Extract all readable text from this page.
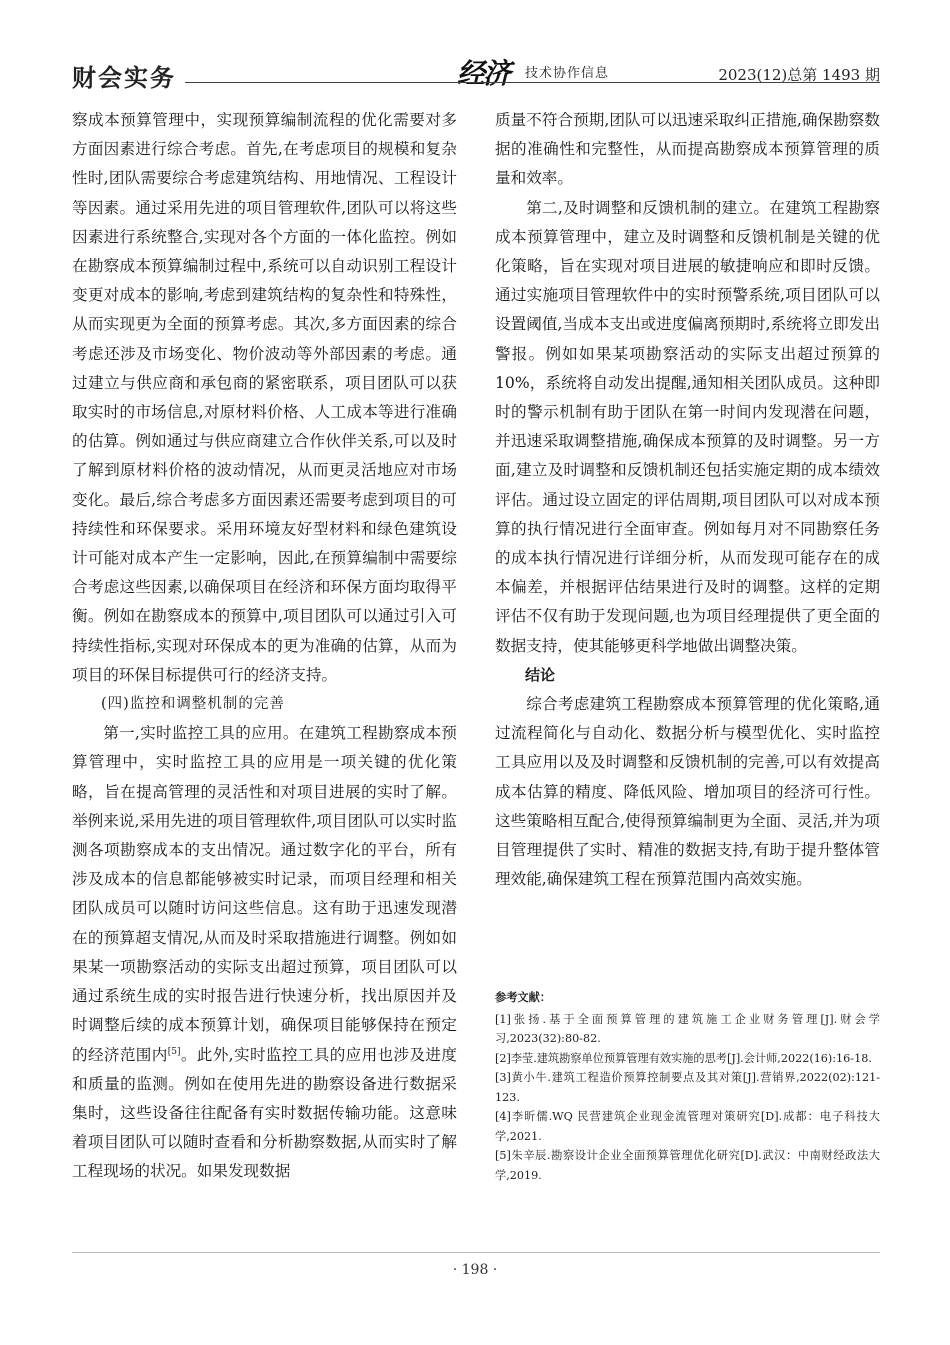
财会实务	经济 技术协作信息	2023(12)总第 1493 期

察成本预算管理中，实现预算编制流程的优化需要对多方面因素进行综合考虑。首先,在考虑项目的规模和复杂性时,团队需要综合考虑建筑结构、用地情况、工程设计等因素。通过采用先进的项目管理软件,团队可以将这些因素进行系统整合,实现对各个方面的一体化监控。例如在勘察成本预算编制过程中,系统可以自动识别工程设计变更对成本的影响,考虑到建筑结构的复杂性和特殊性，从而实现更为全面的预算考虑。其次,多方面因素的综合考虑还涉及市场变化、物价波动等外部因素的考虑。通过建立与供应商和承包商的紧密联系，项目团队可以获取实时的市场信息,对原材料价格、人工成本等进行准确的估算。例如通过与供应商建立合作伙伴关系,可以及时了解到原材料价格的波动情况，从而更灵活地应对市场变化。最后,综合考虑多方面因素还需要考虑到项目的可持续性和环保要求。采用环境友好型材料和绿色建筑设计可能对成本产生一定影响，因此,在预算编制中需要综合考虑这些因素,以确保项目在经济和环保方面均取得平衡。例如在勘察成本的预算中,项目团队可以通过引入可持续性指标,实现对环保成本的更为准确的估算，从而为项目的环保目标提供可行的经济支持。

(四)监控和调整机制的完善

第一,实时监控工具的应用。在建筑工程勘察成本预算管理中，实时监控工具的应用是一项关键的优化策略，旨在提高管理的灵活性和对项目进展的实时了解。举例来说,采用先进的项目管理软件,项目团队可以实时监测各项勘察成本的支出情况。通过数字化的平台，所有涉及成本的信息都能够被实时记录，而项目经理和相关团队成员可以随时访问这些信息。这有助于迅速发现潜在的预算超支情况,从而及时采取措施进行调整。例如如果某一项勘察活动的实际支出超过预算，项目团队可以通过系统生成的实时报告进行快速分析，找出原因并及时调整后续的成本预算计划，确保项目能够保持在预定的经济范围内[5]。此外,实时监控工具的应用也涉及进度和质量的监测。例如在使用先进的勘察设备进行数据采集时，这些设备往往配备有实时数据传输功能。这意味着项目团队可以随时查看和分析勘察数据,从而实时了解工程现场的状况。如果发现数据

质量不符合预期,团队可以迅速采取纠正措施,确保勘察数据的准确性和完整性，从而提高勘察成本预算管理的质量和效率。

第二,及时调整和反馈机制的建立。在建筑工程勘察成本预算管理中，建立及时调整和反馈机制是关键的优化策略，旨在实现对项目进展的敏捷响应和即时反馈。通过实施项目管理软件中的实时预警系统,项目团队可以设置阈值,当成本支出或进度偏离预期时,系统将立即发出警报。例如如果某项勘察活动的实际支出超过预算的 10%，系统将自动发出提醒,通知相关团队成员。这种即时的警示机制有助于团队在第一时间内发现潜在问题，并迅速采取调整措施,确保成本预算的及时调整。另一方面,建立及时调整和反馈机制还包括实施定期的成本绩效评估。通过设立固定的评估周期,项目团队可以对成本预算的执行情况进行全面审查。例如每月对不同勘察任务的成本执行情况进行详细分析，从而发现可能存在的成本偏差，并根据评估结果进行及时的调整。这样的定期评估不仅有助于发现问题,也为项目经理提供了更全面的数据支持，使其能够更科学地做出调整决策。

结论

综合考虑建筑工程勘察成本预算管理的优化策略,通过流程简化与自动化、数据分析与模型优化、实时监控工具应用以及及时调整和反馈机制的完善,可以有效提高成本估算的精度、降低风险、增加项目的经济可行性。这些策略相互配合,使得预算编制更为全面、灵活,并为项目管理提供了实时、精准的数据支持,有助于提升整体管理效能,确保建筑工程在预算范围内高效实施。

参考文献：

[1]张扬.基于全面预算管理的建筑施工企业财务管理[J].财会学习,2023(32):80-82.

[2]李莹.建筑勘察单位预算管理有效实施的思考[J].会计师,2022(16):16-18.

[3]黄小牛.建筑工程造价预算控制要点及其对策[J].营销界,2022(02):121-123.

[4]李昕儒.WQ 民营建筑企业现金流管理对策研究[D].成都：电子科技大学,2021.

[5]朱辛辰.勘察设计企业全面预算管理优化研究[D].武汉：中南财经政法大学,2019.

· 198 ·
